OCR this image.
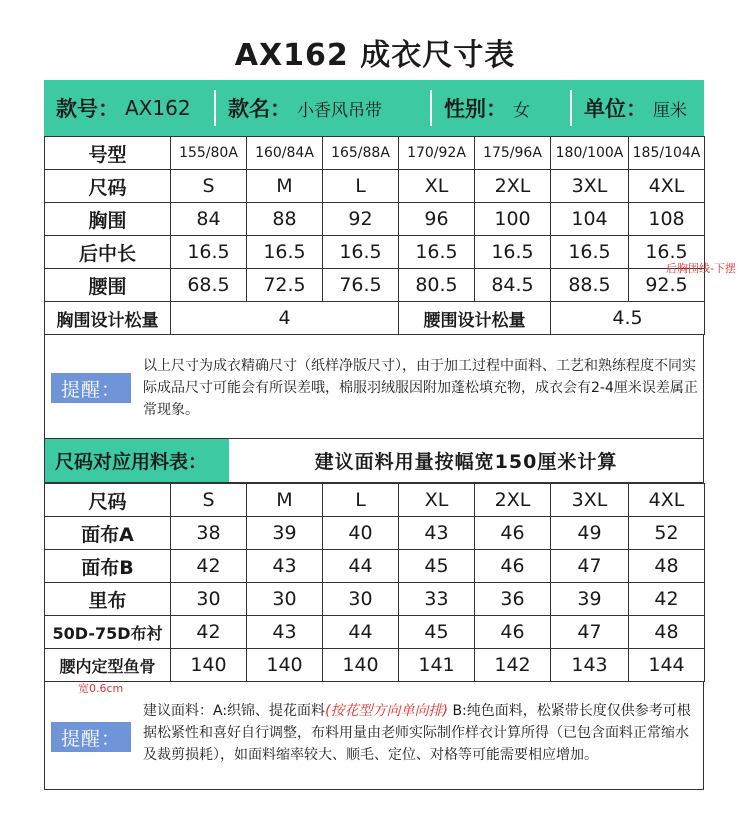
AX162 成衣尺寸表
款号： AX162 款名： 小香风吊带	性别： 女	单位： 厘米
号型	155/80A	160/84A	165/88A	170/92A	175/96A	180/100A	185/104A
尺码	S	M	L	XL	2XL	3XL	4XL
胸围	84	88	92	96	100	104	108
后中长	16.5	16.5	16.5	16.5	16.5	16.5	16.5
腰围	68.5	72.5	76.5	80.5	84.5	88.5	92.5
胸围设计松量	4			腰围设计松量		4.5	
提醒：
以上尺寸为成衣精确尺寸（纸样净版尺寸），由于加工过程中面料、工艺和熟练程度不同实际成品尺寸可能会有所误差哦，棉服羽绒服因附加蓬松填充物，成衣会有2-4厘米误差属正常现象。
尺码对应用料表：	建议面料用量按幅宽150厘米计算
尺码	S	M	L	XL	2XL	3XL	4XL
面布A	38	39	40	43	46	49	52
面布B	42	43	44	45	46	47	48
里布	30	30	30	33	36	39	42
50D-75D布衬	42	43	44	45	46	47	48
腰内定型鱼骨	140	140	140	141	142	143	144
提醒：
建议面料：A:织锦、提花面料(按花型方向单向排) B:纯色面料，松紧带长度仅供参考可根据松紧性和喜好自行调整，布料用量由老师实际制作样衣计算所得（已包含面料正常缩水及裁剪损耗），如面料缩率较大、顺毛、定位、对格等可能需要相应增加。
后胸围线-下摆
宽0.6cm
